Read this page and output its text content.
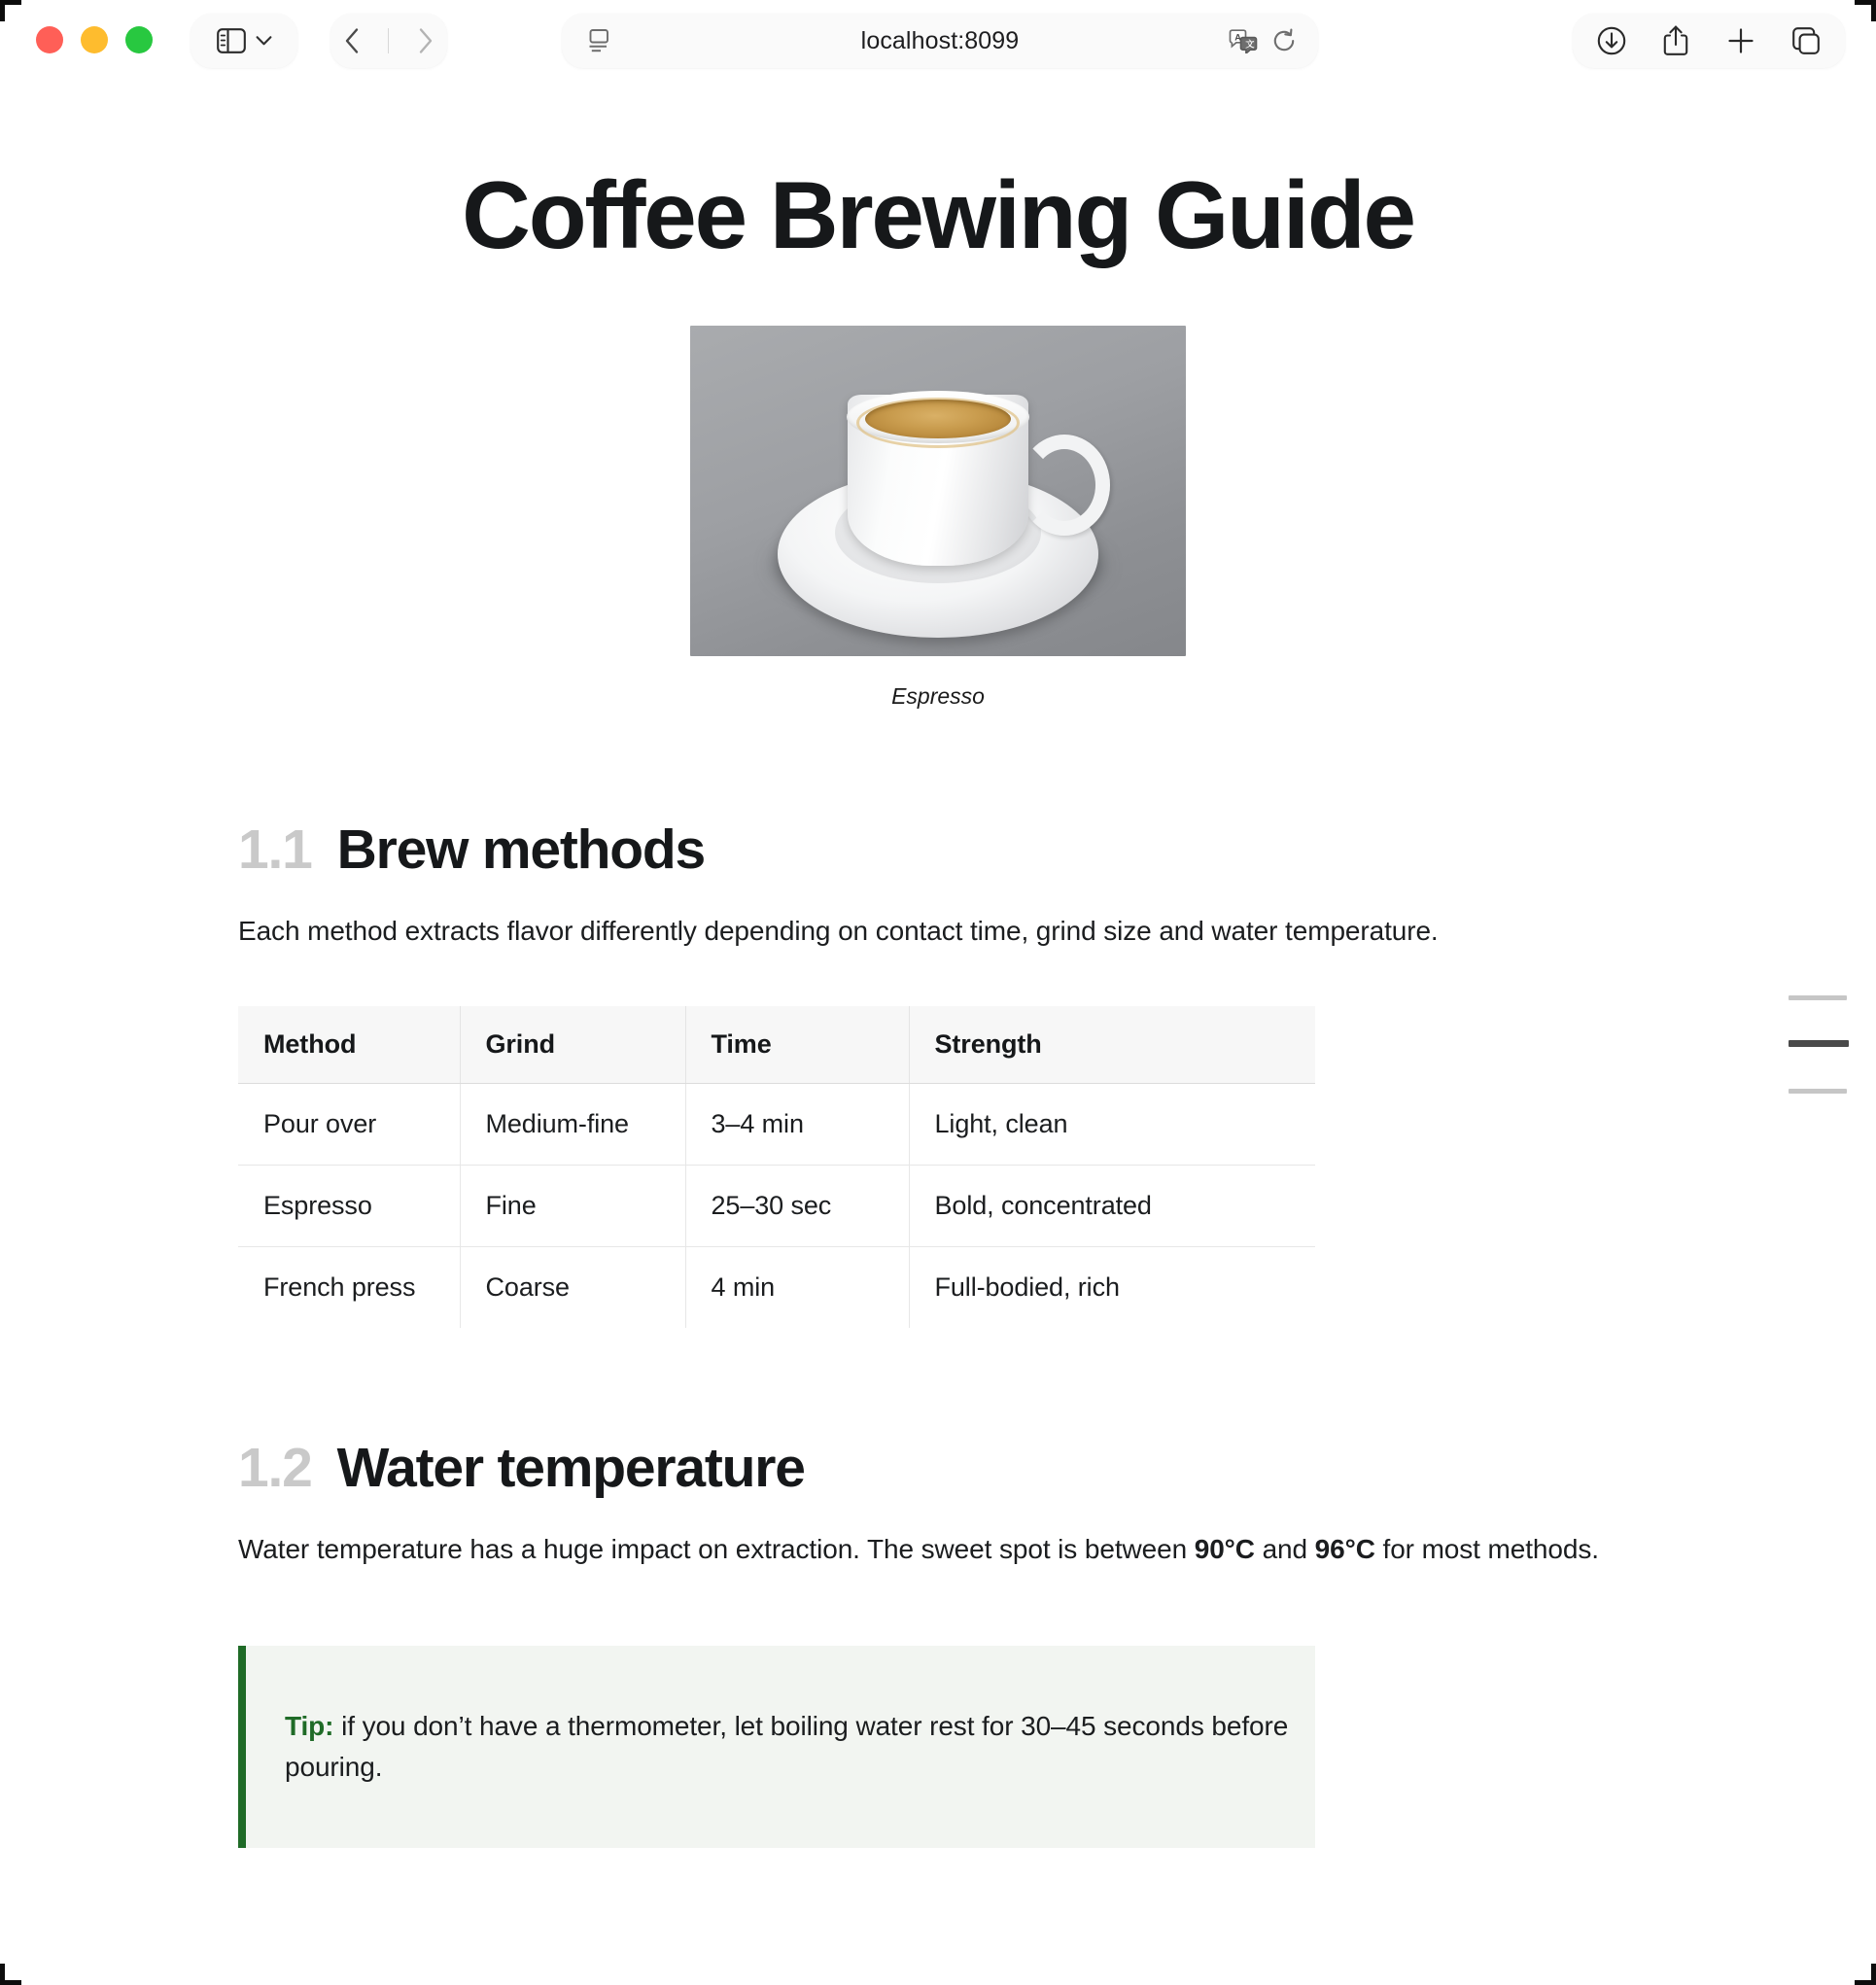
localhost:8099	A
文
Coffee Brewing Guide
Espresso
1.1 Brew methods

Each method extracts flavor differently depending on contact time, grind size and water temperature.

Method	Grind	Time	Strength
Pour over	Medium-fine	3–4 min	Light, clean
Espresso	Fine	25–30 sec	Bold, concentrated
French press	Coarse	4 min	Full-bodied, rich
1.2 Water temperature

Water temperature has a huge impact on extraction. The sweet spot is between 90°C and 96°C for most methods.

Tip: if you don’t have a thermometer, let boiling water rest for 30–45 seconds before pouring.
